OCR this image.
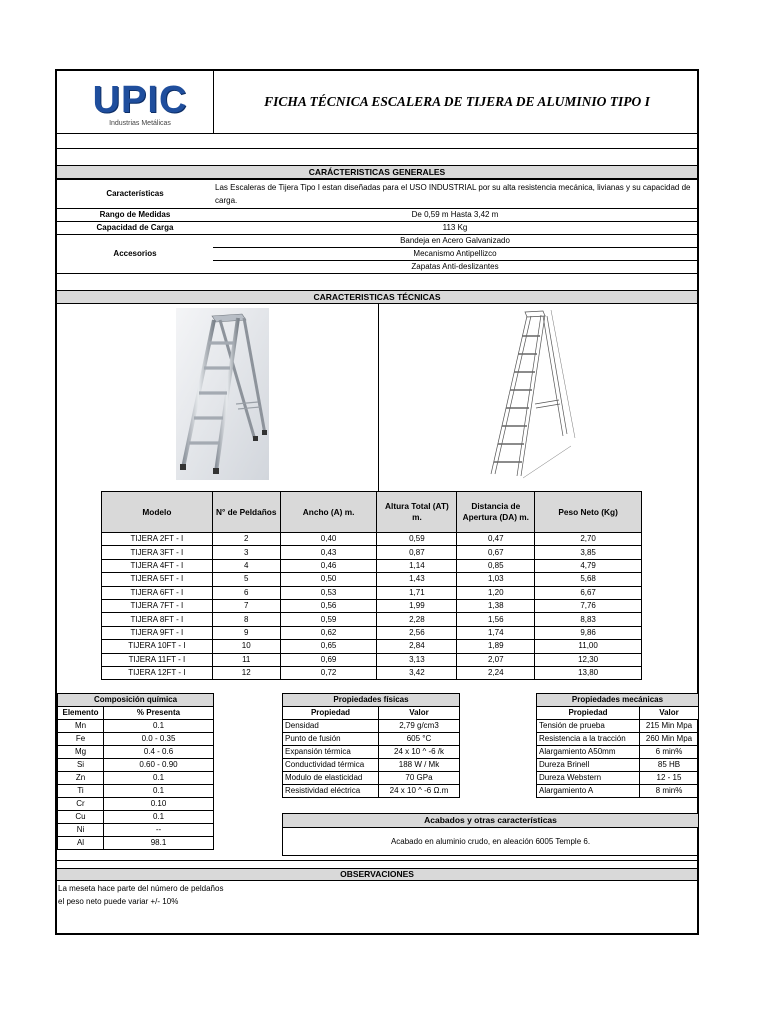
UPIC
Industrias Metálicas
FICHA TÉCNICA ESCALERA DE TIJERA DE ALUMINIO TIPO I
CARÁCTERISTICAS GENERALES
Características	Las Escaleras de Tijera Tipo I estan diseñadas para el USO INDUSTRIAL por su alta resistencia mecánica, livianas y su capacidad de carga.
Rango de Medidas	De 0,59 m Hasta 3,42 m
Capacidad de Carga	113 Kg
Accesorios	Bandeja en Acero Galvanizado
	Mecanismo Antipellizco
	Zapatas Anti-deslizantes
CARACTERISTICAS TÉCNICAS
Modelo	N° de Peldaños	Ancho (A) m.	Altura Total (AT) m.	Distancia de Apertura (DA) m.	Peso Neto (Kg)
TIJERA 2FT - I	2	0,40	0,59	0,47	2,70
TIJERA 3FT - I	3	0,43	0,87	0,67	3,85
TIJERA 4FT - I	4	0,46	1,14	0,85	4,79
TIJERA 5FT - I	5	0,50	1,43	1,03	5,68
TIJERA 6FT - I	6	0,53	1,71	1,20	6,67
TIJERA 7FT - I	7	0,56	1,99	1,38	7,76
TIJERA 8FT - I	8	0,59	2,28	1,56	8,83
TIJERA 9FT - I	9	0,62	2,56	1,74	9,86
TIJERA 10FT - I	10	0,65	2,84	1,89	11,00
TIJERA 11FT - I	11	0,69	3,13	2,07	12,30
TIJERA 12FT - I	12	0,72	3,42	2,24	13,80
Composición química	
Elemento	% Presenta
Mn	0.1
Fe	0.0 - 0.35
Mg	0.4 - 0.6
Si	0.60 - 0.90
Zn	0.1
Ti	0.1
Cr	0.10
Cu	0.1
Ni	--
Al	98.1
Propiedades físicas	
Propiedad	Valor
Densidad	2,79 g/cm3
Punto de fusión	605 °C
Expansión térmica	24 x 10 ^ -6 /k
Conductividad térmica	188 W / Mk
Modulo de elasticidad	70 GPa
Resistividad eléctrica	24 x 10 ^ -6 Ω.m
Propiedades mecánicas	
Propiedad	Valor
Tensión de prueba	215 Min Mpa
Resistencia a la tracción	260 Min Mpa
Alargamiento A50mm	6 min%
Dureza Brinell	85 HB
Dureza Webstern	12 - 15
Alargamiento A	8 min%
Acabados y otras características
Acabado en aluminio crudo, en aleación 6005 Temple 6.
OBSERVACIONES
La meseta hace parte del número de peldaños
el peso neto puede variar +/- 10%
